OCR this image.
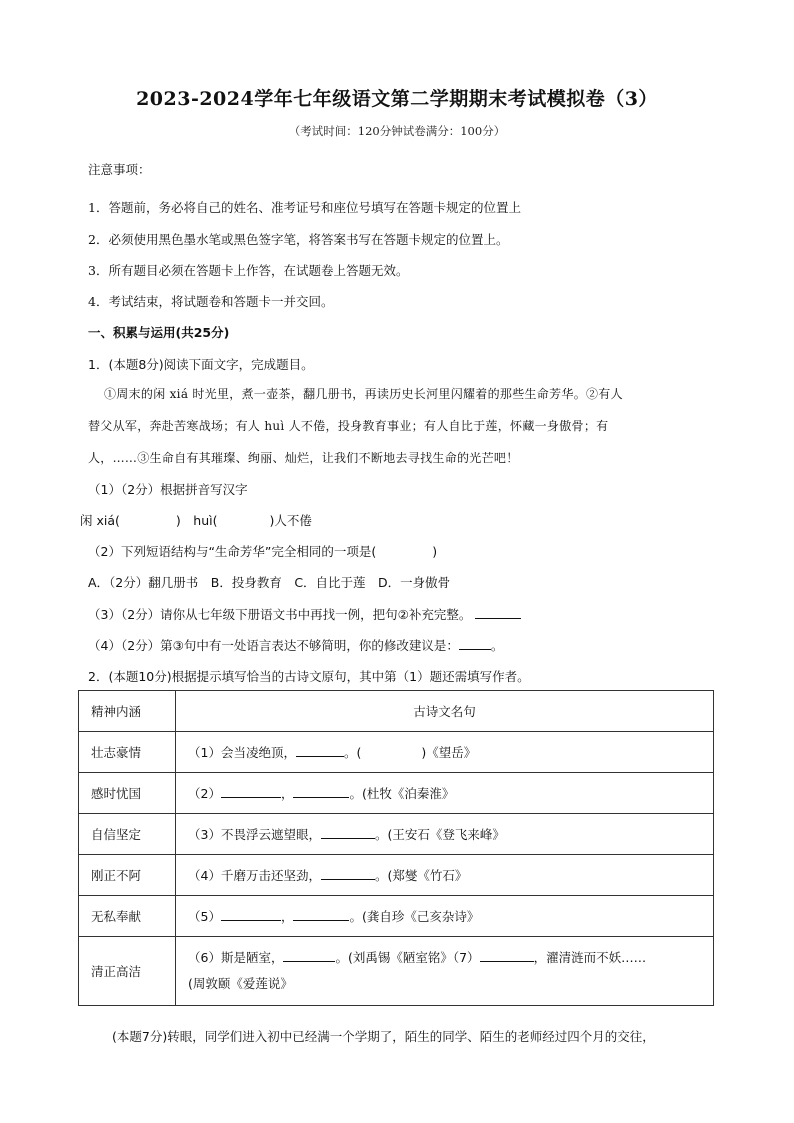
2023-2024学年七年级语文第二学期期末考试模拟卷（3）
（考试时间：120分钟试卷满分：100分）
注意事项：
1．答题前，务必将自己的姓名、准考证号和座位号填写在答题卡规定的位置上
2．必须使用黑色墨水笔或黑色签字笔，将答案书写在答题卡规定的位置上。
3．所有题目必须在答题卡上作答，在试题卷上答题无效。
4．考试结束，将试题卷和答题卡一并交回。
一、积累与运用(共25分)
1．(本题8分)阅读下面文字，完成题目。
①周末的闲 xiá 时光里，煮一壶茶，翻几册书，再读历史长河里闪耀着的那些生命芳华。②有人
替父从军，奔赴苦寒战场；有人 huì 人不倦，投身教育事业；有人自比于莲，怀藏一身傲骨；有
人，……③生命自有其璀璨、绚丽、灿烂，让我们不断地去寻找生命的光芒吧！
（1）（2分）根据拼音写汉字
闲 xiá(	)　huì(	)人不倦
（2）下列短语结构与“生命芳华”完全相同的一项是(	)
A．（2分）翻几册书　B．投身教育　C．自比于莲　D．一身傲骨
（3）（2分）请你从七年级下册语文书中再找一例，把句②补充完整。
（4）（2分）第③句中有一处语言表达不够简明，你的修改建议是：	。
2．(本题10分)根据提示填写恰当的古诗文原句，其中第（1）题还需填写作者。
精神内涵	古诗文名句
壮志豪情	（1）会当凌绝顶， 。( )《望岳》
感时忧国	（2） ， 。(杜牧《泊秦淮》
自信坚定	（3）不畏浮云遮望眼， 。(王安石《登飞来峰》
刚正不阿	（4）千磨万击还坚劲， 。(郑燮《竹石》
无私奉献	（5） ， 。(龚自珍《己亥杂诗》
清正高洁	（6）斯是陋室， 。(刘禹锡《陋室铭》（7） ，濯清涟而不妖……
(周敦颐《爱莲说》
(本题7分)转眼，同学们进入初中已经满一个学期了，陌生的同学、陌生的老师经过四个月的交往，
